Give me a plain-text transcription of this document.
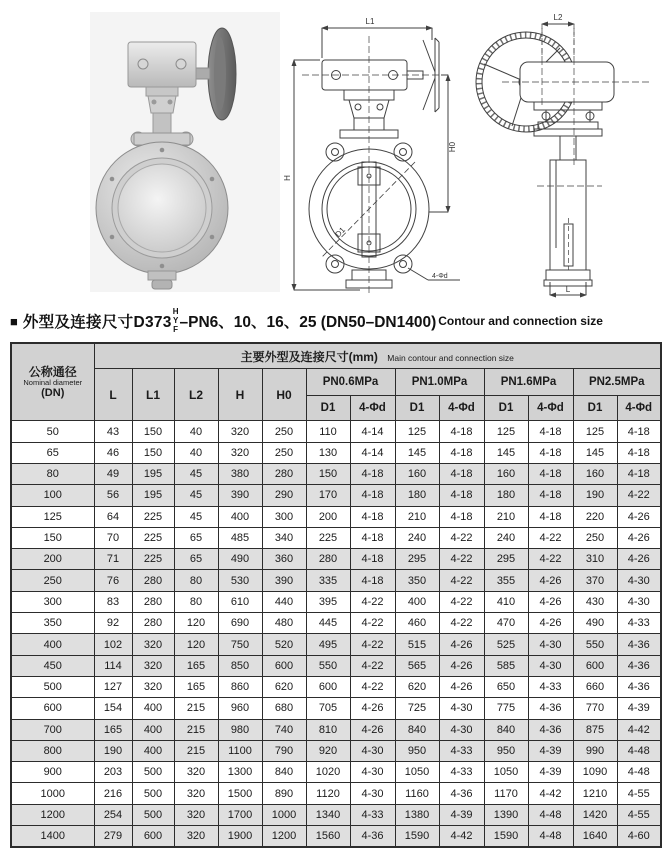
L1
H
H0
D1
4-Φd
L2
L
■ 外型及连接尺寸D373
H
Y
F –PN6、10、16、25 (DN50–DN1400) Contour and connection size
公称通径
Nominal diameter
(DN)	主要外型及连接尺寸(mm) Main contour and connection size												
	L	L1	L2	H	H0	PN0.6MPa		PN1.0MPa		PN1.6MPa		PN2.5MPa	
						D1	4-Φd	D1	4-Φd	D1	4-Φd	D1	4-Φd
50	43	150	40	320	250	110	4-14	125	4-18	125	4-18	125	4-18
65	46	150	40	320	250	130	4-14	145	4-18	145	4-18	145	4-18
80	49	195	45	380	280	150	4-18	160	4-18	160	4-18	160	4-18
100	56	195	45	390	290	170	4-18	180	4-18	180	4-18	190	4-22
125	64	225	45	400	300	200	4-18	210	4-18	210	4-18	220	4-26
150	70	225	65	485	340	225	4-18	240	4-22	240	4-22	250	4-26
200	71	225	65	490	360	280	4-18	295	4-22	295	4-22	310	4-26
250	76	280	80	530	390	335	4-18	350	4-22	355	4-26	370	4-30
300	83	280	80	610	440	395	4-22	400	4-22	410	4-26	430	4-30
350	92	280	120	690	480	445	4-22	460	4-22	470	4-26	490	4-33
400	102	320	120	750	520	495	4-22	515	4-26	525	4-30	550	4-36
450	114	320	165	850	600	550	4-22	565	4-26	585	4-30	600	4-36
500	127	320	165	860	620	600	4-22	620	4-26	650	4-33	660	4-36
600	154	400	215	960	680	705	4-26	725	4-30	775	4-36	770	4-39
700	165	400	215	980	740	810	4-26	840	4-30	840	4-36	875	4-42
800	190	400	215	1100	790	920	4-30	950	4-33	950	4-39	990	4-48
900	203	500	320	1300	840	1020	4-30	1050	4-33	1050	4-39	1090	4-48
1000	216	500	320	1500	890	1120	4-30	1160	4-36	1170	4-42	1210	4-55
1200	254	500	320	1700	1000	1340	4-33	1380	4-39	1390	4-48	1420	4-55
1400	279	600	320	1900	1200	1560	4-36	1590	4-42	1590	4-48	1640	4-60
